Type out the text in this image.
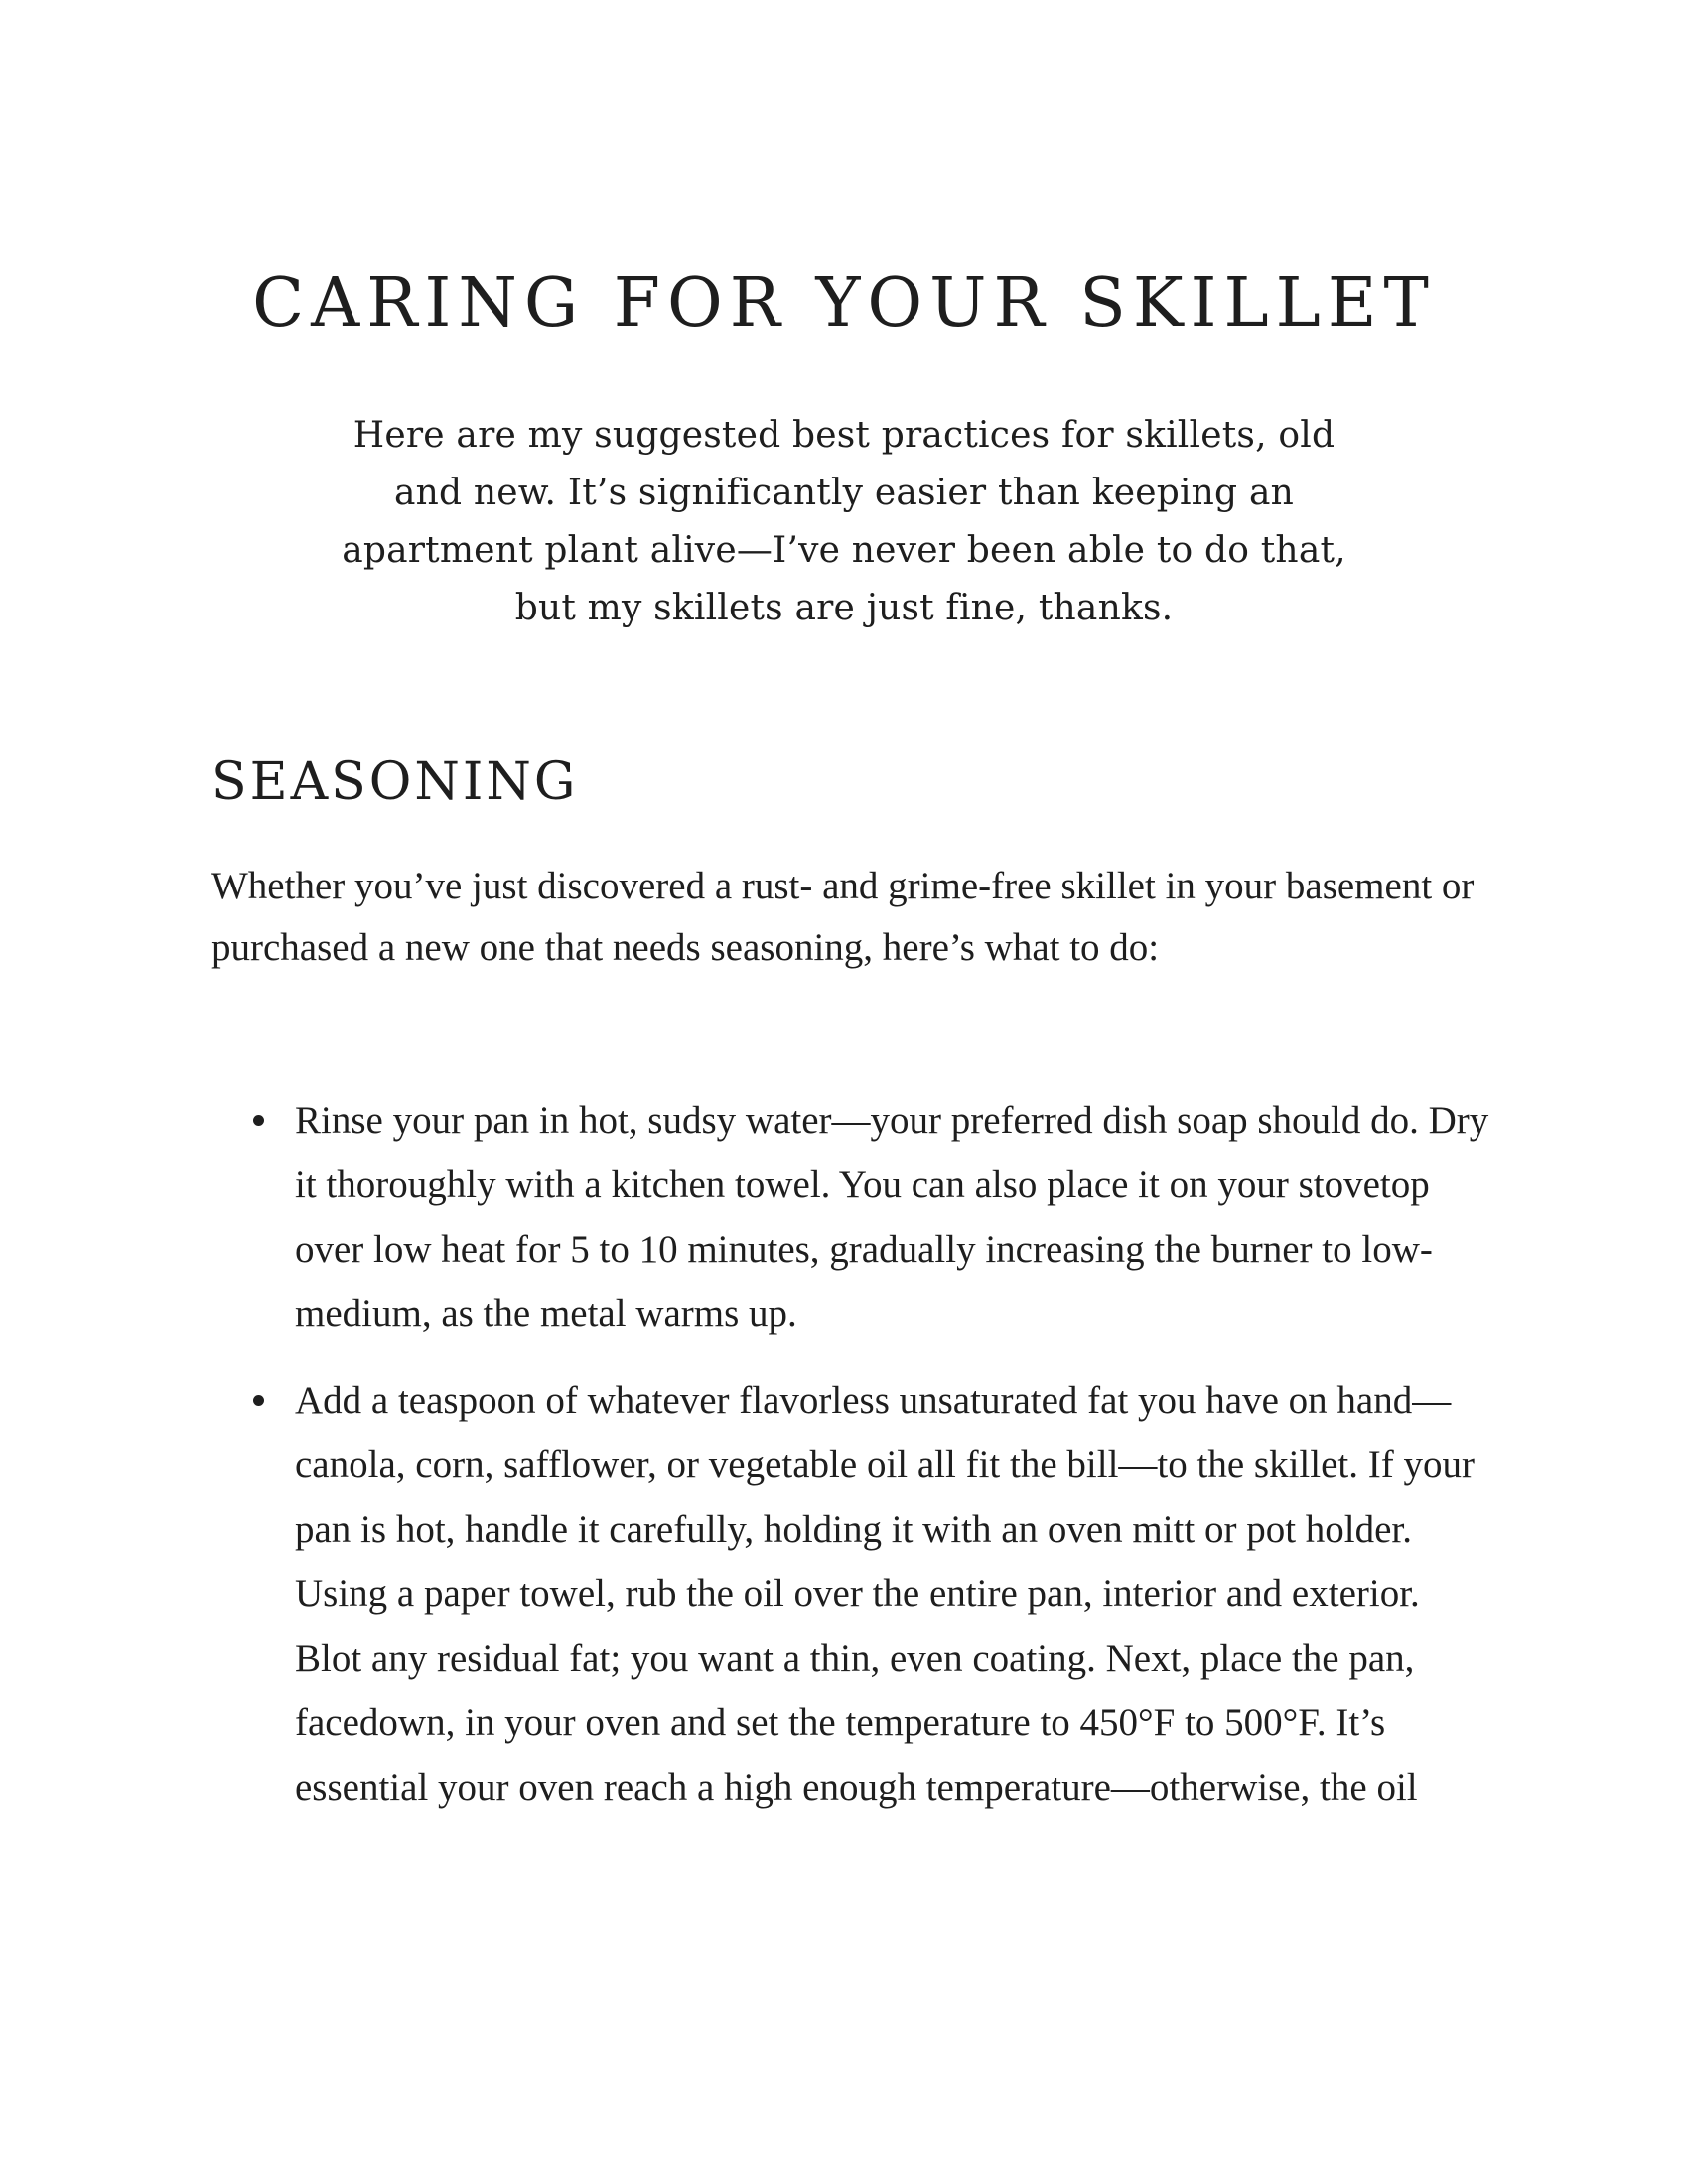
CARING FOR YOUR SKILLET

Here are my suggested best practices for skillets, old and new. It’s significantly easier than keeping an apartment plant alive—I’ve never been able to do that, but my skillets are just fine, thanks.

SEASONING

Whether you’ve just discovered a rust- and grime-free skillet in your basement or purchased a new one that needs seasoning, here’s what to do:

Rinse your pan in hot, sudsy water—your preferred dish soap should do. Dry it thoroughly with a kitchen towel. You can also place it on your stovetop over low heat for 5 to 10 minutes, gradually increasing the burner to low-medium, as the metal warms up.
Add a teaspoon of whatever flavorless unsaturated fat you have on hand—canola, corn, safflower, or vegetable oil all fit the bill—to the skillet. If your pan is hot, handle it carefully, holding it with an oven mitt or pot holder. Using a paper towel, rub the oil over the entire pan, interior and exterior. Blot any residual fat; you want a thin, even coating. Next, place the pan, facedown, in your oven and set the temperature to 450°F to 500°F. It’s essential your oven reach a high enough temperature—otherwise, the oil
